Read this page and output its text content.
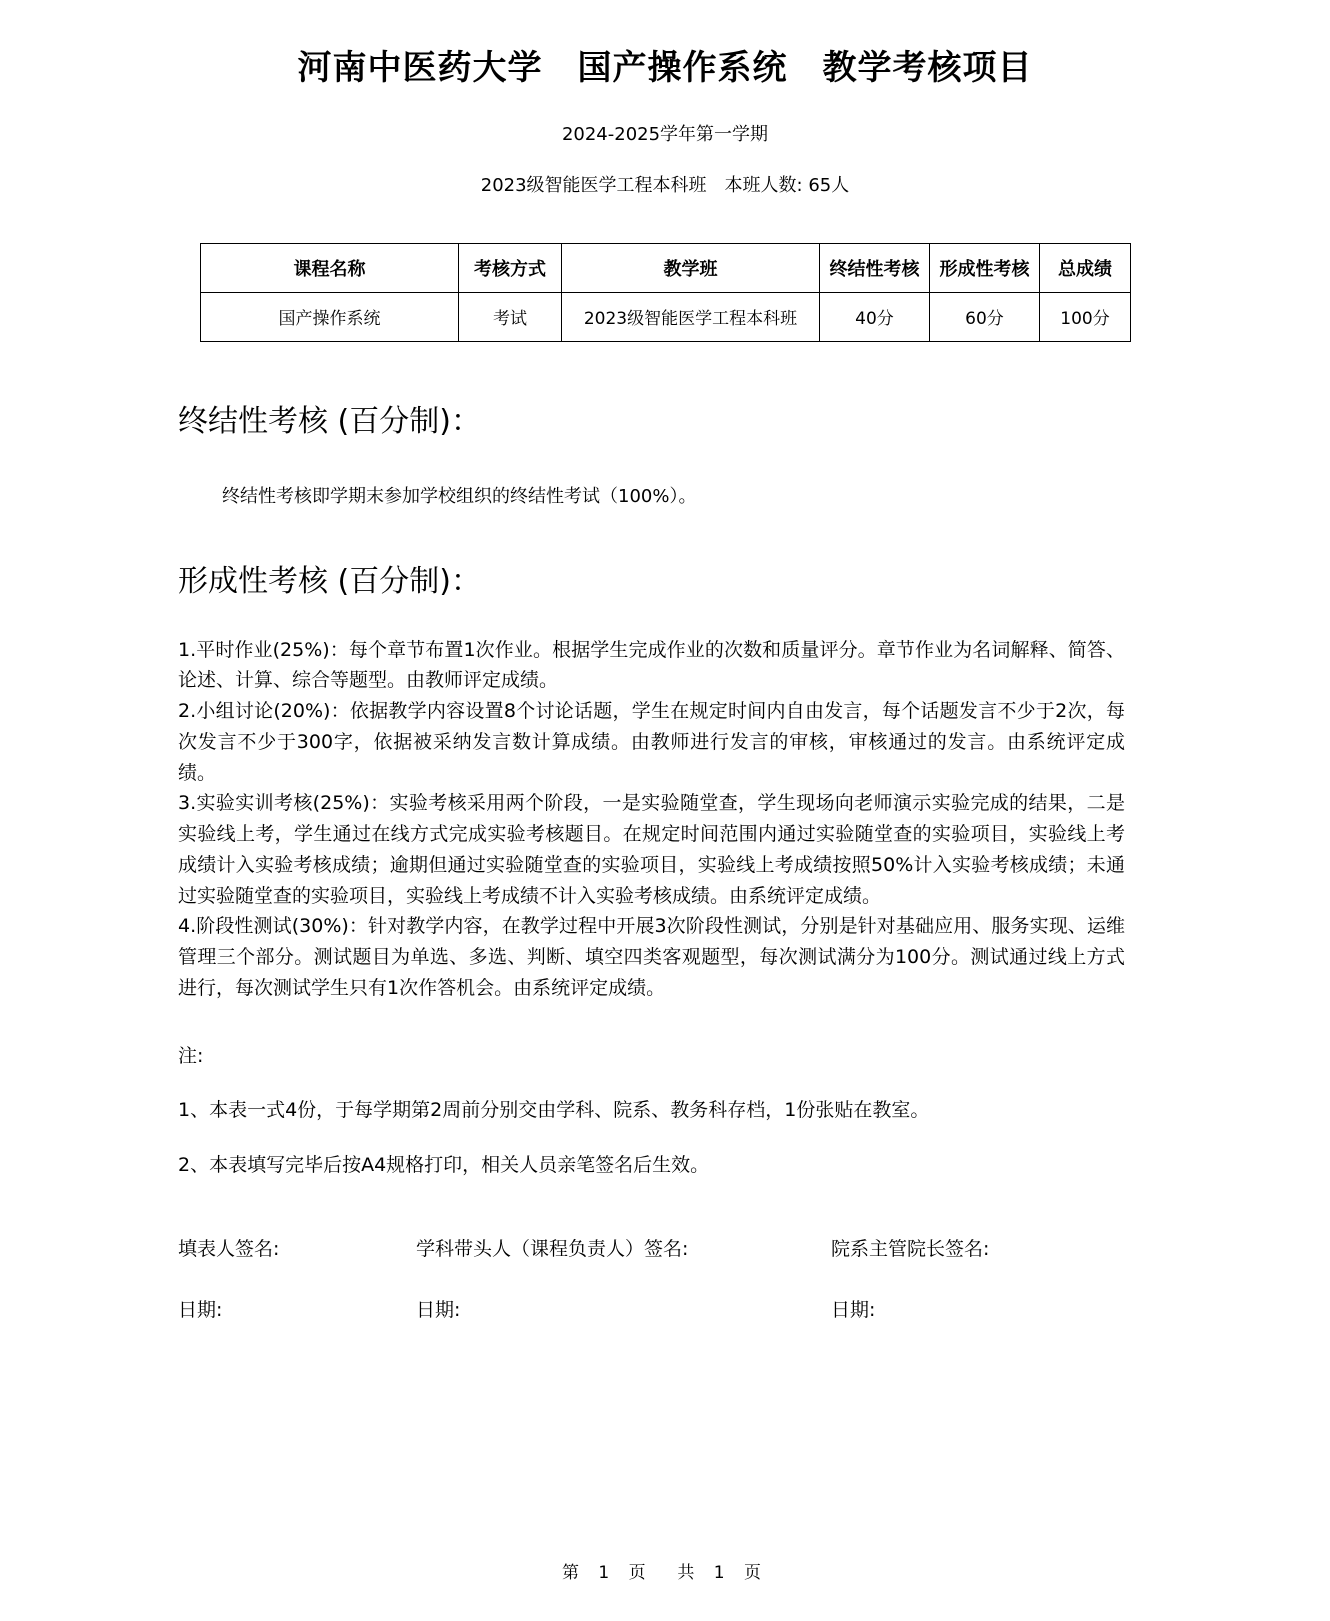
河南中医药大学　国产操作系统　教学考核项目
2024-2025学年第一学期
2023级智能医学工程本科班　本班人数: 65人
课程名称	考核方式	教学班	终结性考核	形成性考核	总成绩
国产操作系统	考试	2023级智能医学工程本科班	40分	60分	100分
终结性考核 (百分制)：

终结性考核即学期末参加学校组织的终结性考试（100%）。

形成性考核 (百分制)：

1.平时作业(25%)：每个章节布置1次作业。根据学生完成作业的次数和质量评分。章节作业为名词解释、简答、论述、计算、综合等题型。由教师评定成绩。

2.小组讨论(20%)：依据教学内容设置8个讨论话题，学生在规定时间内自由发言，每个话题发言不少于2次，每次发言不少于300字，依据被采纳发言数计算成绩。由教师进行发言的审核，审核通过的发言。由系统评定成绩。

3.实验实训考核(25%)：实验考核采用两个阶段，一是实验随堂查，学生现场向老师演示实验完成的结果，二是实验线上考，学生通过在线方式完成实验考核题目。在规定时间范围内通过实验随堂查的实验项目，实验线上考成绩计入实验考核成绩；逾期但通过实验随堂查的实验项目，实验线上考成绩按照50%计入实验考核成绩；未通过实验随堂查的实验项目，实验线上考成绩不计入实验考核成绩。由系统评定成绩。

4.阶段性测试(30%)：针对教学内容，在教学过程中开展3次阶段性测试，分别是针对基础应用、服务实现、运维管理三个部分。测试题目为单选、多选、判断、填空四类客观题型，每次测试满分为100分。测试通过线上方式进行，每次测试学生只有1次作答机会。由系统评定成绩。

注:

1、本表一式4份，于每学期第2周前分别交由学科、院系、教务科存档，1份张贴在教室。

2、本表填写完毕后按A4规格打印，相关人员亲笔签名后生效。

填表人签名:	学科带头人（课程负责人）签名:	院系主管院长签名:
日期:	日期:	日期:
第 1 页  共 1 页
